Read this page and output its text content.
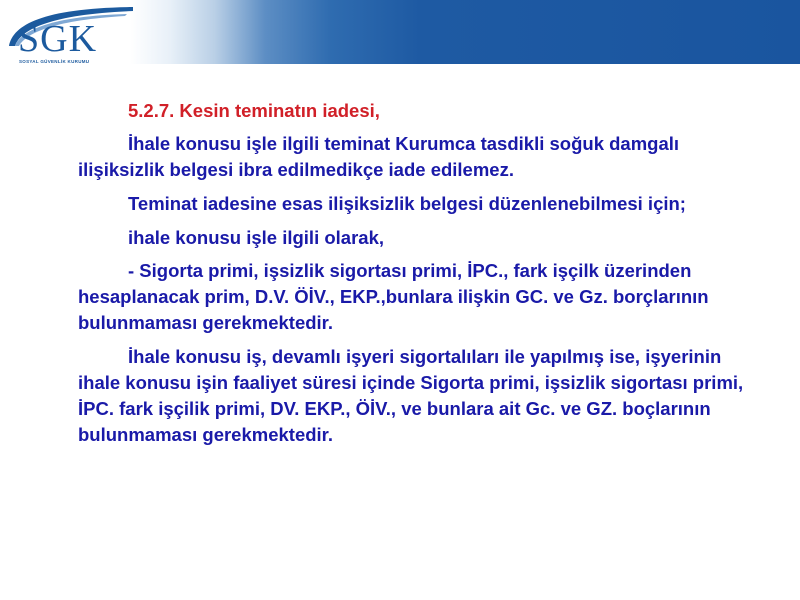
SGK
SOSYAL GÜVENLİK KURUMU

5.2.7. Kesin teminatın iadesi,

İhale konusu işle ilgili teminat Kurumca tasdikli soğuk damgalı ilişiksizlik belgesi ibra edilmedikçe iade edilemez.

Teminat iadesine esas ilişiksizlik belgesi düzenlenebilmesi için;

ihale konusu işle ilgili olarak,

- Sigorta primi, işsizlik sigortası primi, İPC., fark işçilk üzerinden hesaplanacak prim, D.V. ÖİV., EKP.,bunlara ilişkin GC. ve Gz. borçlarının bulunmaması gerekmektedir.

İhale konusu iş, devamlı işyeri sigortalıları ile yapılmış ise, işyerinin ihale konusu işin faaliyet süresi içinde Sigorta primi, işsizlik sigortası primi, İPC. fark işçilik primi, DV. EKP., ÖİV., ve bunlara ait Gc. ve GZ. boçlarının bulunmaması gerekmektedir.
